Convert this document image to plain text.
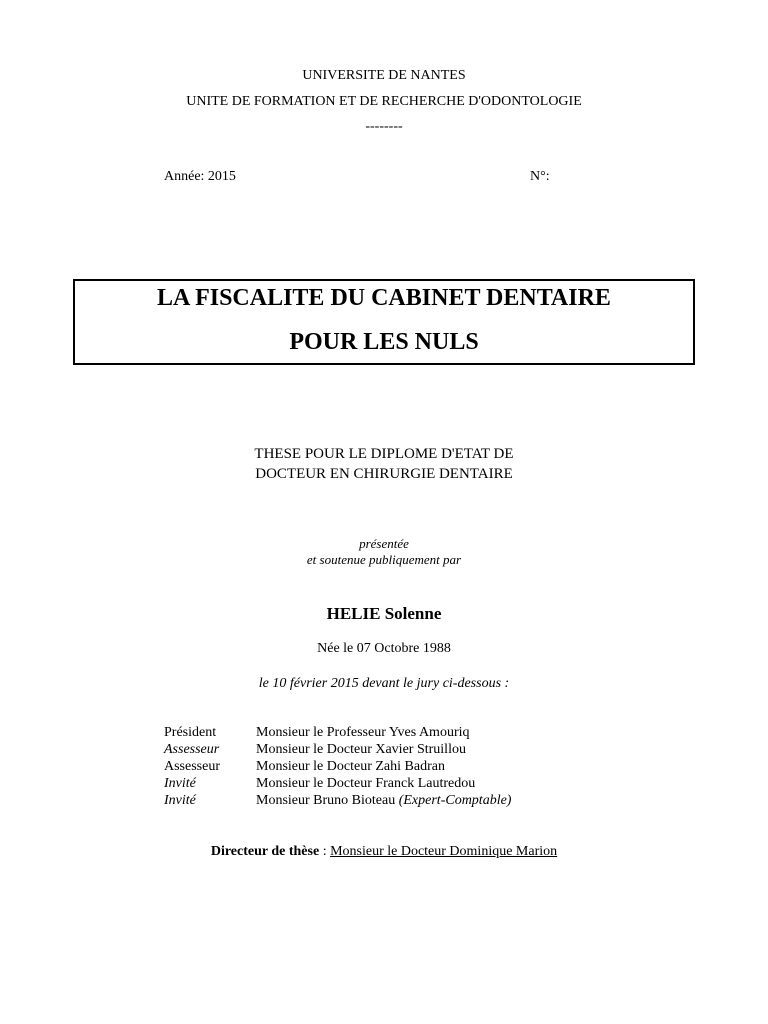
UNIVERSITE DE NANTES
UNITE DE FORMATION ET DE RECHERCHE D'ODONTOLOGIE
--------
Année: 2015	N°:
LA FISCALITE DU CABINET DENTAIRE
POUR LES NULS
THESE POUR LE DIPLOME D'ETAT DE
DOCTEUR EN CHIRURGIE DENTAIRE
présentée
et soutenue publiquement par
HELIE Solenne
Née le 07 Octobre 1988
le 10 février 2015 devant le jury ci-dessous :
Président	Monsieur le Professeur Yves Amouriq
Assesseur	Monsieur le Docteur Xavier Struillou
Assesseur	Monsieur le Docteur Zahi Badran
Invité	Monsieur le Docteur Franck Lautredou
Invité	Monsieur Bruno Bioteau (Expert-Comptable)
Directeur de thèse : Monsieur le Docteur Dominique Marion
